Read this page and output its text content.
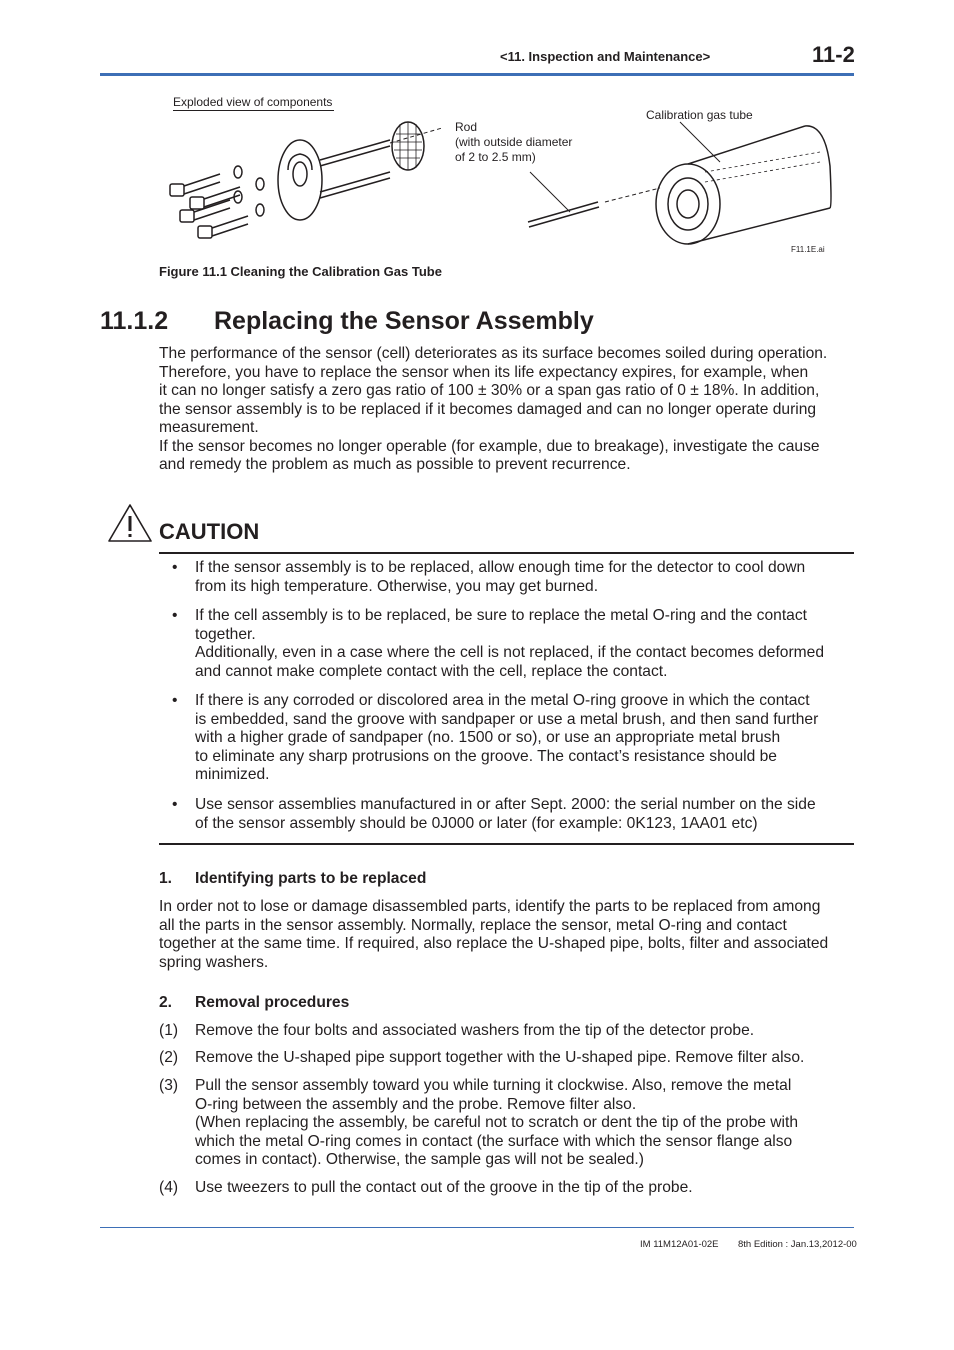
<11. Inspection and Maintenance>	11-2
Exploded view of components
Rod
(with outside diameter
of 2 to 2.5 mm)
Calibration gas tube
F11.1E.ai
Figure 11.1 Cleaning the Calibration Gas Tube
11.1.2 Replacing the Sensor Assembly
The performance of the sensor (cell) deteriorates as its surface becomes soiled during operation.
Therefore, you have to replace the sensor when its life expectancy expires, for example, when
it can no longer satisfy a zero gas ratio of 100 ± 30% or a span gas ratio of 0 ± 18%. In addition,
the sensor assembly is to be replaced if it becomes damaged and can no longer operate during
measurement.
If the sensor becomes no longer operable (for example, due to breakage), investigate the cause
and remedy the problem as much as possible to prevent recurrence.
CAUTION
• If the sensor assembly is to be replaced, allow enough time for the detector to cool down
from its high temperature. Otherwise, you may get burned.
• If the cell assembly is to be replaced, be sure to replace the metal O-ring and the contact
together.
Additionally, even in a case where the cell is not replaced, if the contact becomes deformed
and cannot make complete contact with the cell, replace the contact.
• If there is any corroded or discolored area in the metal O-ring groove in which the contact
is embedded, sand the groove with sandpaper or use a metal brush, and then sand further
with a higher grade of sandpaper (no. 1500 or so), or use an appropriate metal brush
to eliminate any sharp protrusions on the groove. The contact’s resistance should be
minimized.
• Use sensor assemblies manufactured in or after Sept. 2000: the serial number on the side
of the sensor assembly should be 0J000 or later (for example: 0K123, 1AA01 etc)
1. Identifying parts to be replaced
In order not to lose or damage disassembled parts, identify the parts to be replaced from among
all the parts in the sensor assembly. Normally, replace the sensor, metal O-ring and contact
together at the same time. If required, also replace the U-shaped pipe, bolts, filter and associated
spring washers.
2. Removal procedures
(1) Remove the four bolts and associated washers from the tip of the detector probe.
(2) Remove the U-shaped pipe support together with the U-shaped pipe. Remove filter also.
(3) Pull the sensor assembly toward you while turning it clockwise. Also, remove the metal
O-ring between the assembly and the probe. Remove filter also.
(When replacing the assembly, be careful not to scratch or dent the tip of the probe with
which the metal O-ring comes in contact (the surface with which the sensor flange also
comes in contact). Otherwise, the sample gas will not be sealed.)
(4) Use tweezers to pull the contact out of the groove in the tip of the probe.
IM 11M12A01-02E 8th Edition : Jan.13,2012-00
